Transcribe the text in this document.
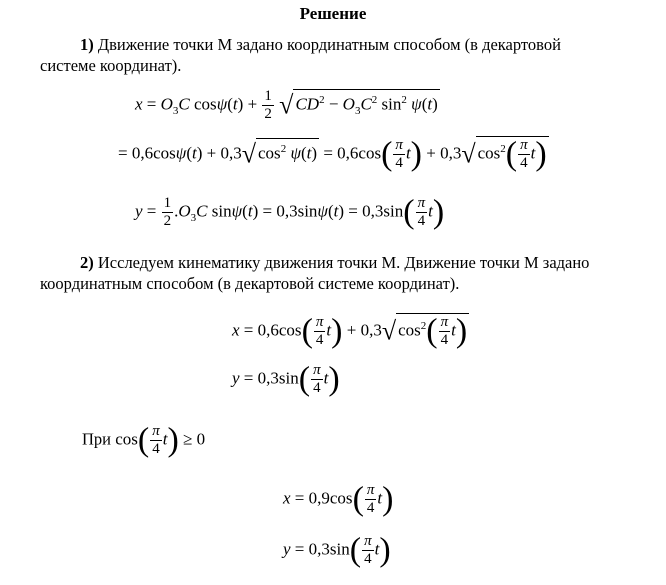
Решение
1) Движение точки М задано координатным способом (в декартовой
системе координат).
$x = O_3C$ $\cos\psi(t) + \frac{1}{2}$ √ $CD^2 - O_3C^2$ $\sin^2 \psi(t)$
= 0,6cosψ(t) + 0,3√ $\cos^2 \psi(t) = 0,6\cos( \frac{\pi}{4} t) + 0,3√$ $\cos^2( \frac{\pi}{4} t)$
$y = \frac{1}{2} .O_3C$ $\sin\psi(t) = 0,3\sin\psi(t) = 0,3\sin( \frac{\pi}{4} t)$
2) Исследуем кинематику движения точки М. Движение точки М задано
координатным способом (в декартовой системе координат).
$x = 0,6\cos( \frac{\pi}{4} t) + 0,3√$ $\cos^2( \frac{\pi}{4} t)$
$y = 0,3\sin( \frac{\pi}{4} t)$
При $\cos( \frac{\pi}{4} t) \ge 0$
$x = 0,9\cos( \frac{\pi}{4} t)$
$y = 0,3\sin( \frac{\pi}{4} t)$
